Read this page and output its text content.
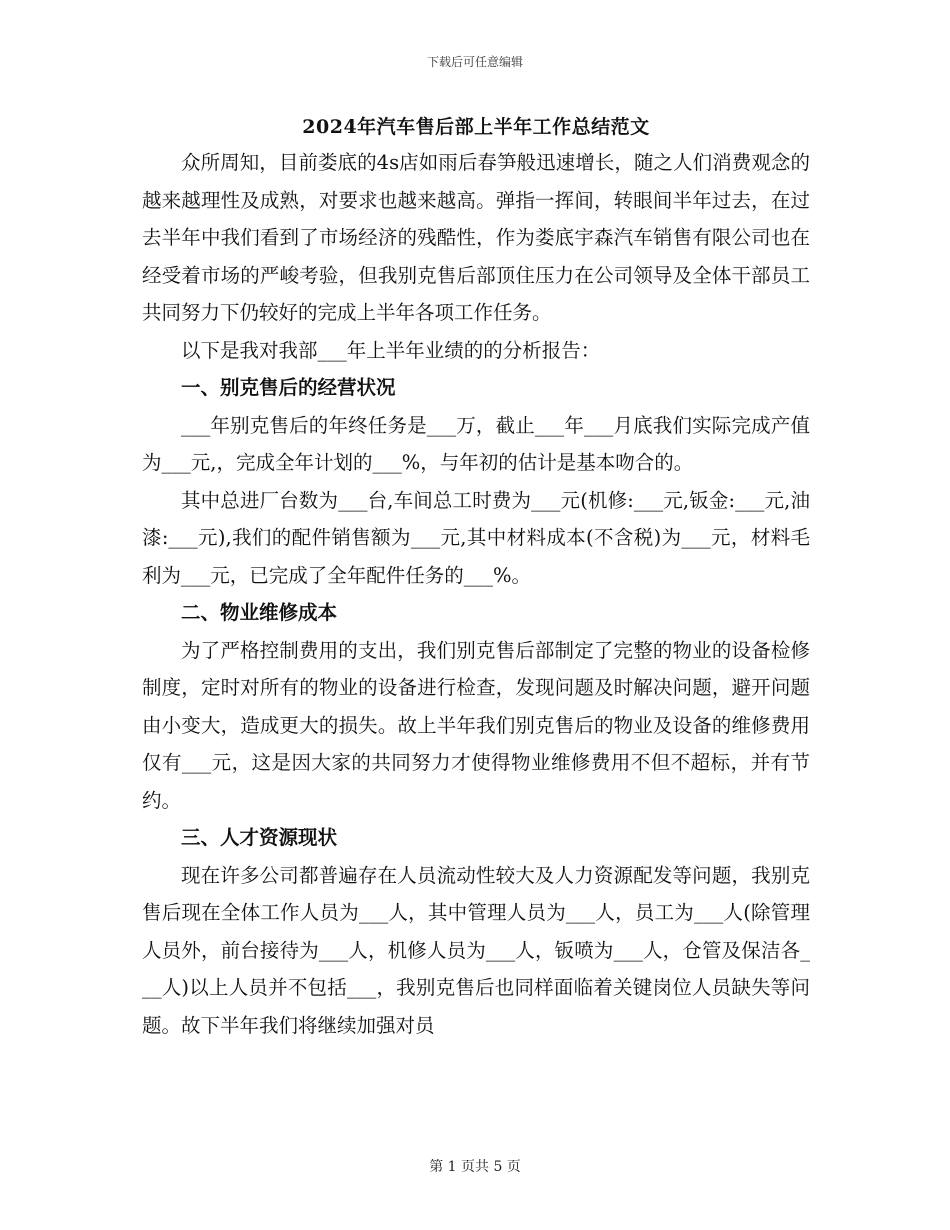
下载后可任意编辑
2024年汽车售后部上半年工作总结范文

众所周知，目前娄底的4s店如雨后春笋般迅速增长，随之人们消费观念的越来越理性及成熟，对要求也越来越高。弹指一挥间，转眼间半年过去，在过去半年中我们看到了市场经济的残酷性，作为娄底宇森汽车销售有限公司也在经受着市场的严峻考验，但我别克售后部顶住压力在公司领导及全体干部员工共同努力下仍较好的完成上半年各项工作任务。

以下是我对我部___年上半年业绩的的分析报告：

一、别克售后的经营状况

___年别克售后的年终任务是___万，截止___年___月底我们实际完成产值为___元,，完成全年计划的___%，与年初的估计是基本吻合的。

其中总进厂台数为___台,车间总工时费为___元(机修:___元,钣金:___元,油漆:___元),我们的配件销售额为___元,其中材料成本(不含税)为___元，材料毛利为___元，已完成了全年配件任务的___%。

二、物业维修成本

为了严格控制费用的支出，我们别克售后部制定了完整的物业的设备检修制度，定时对所有的物业的设备进行检查，发现问题及时解决问题，避开问题由小变大，造成更大的损失。故上半年我们别克售后的物业及设备的维修费用仅有___元，这是因大家的共同努力才使得物业维修费用不但不超标，并有节约。

三、人才资源现状

现在许多公司都普遍存在人员流动性较大及人力资源配发等问题，我别克售后现在全体工作人员为___人，其中管理人员为___人，员工为___人(除管理人员外，前台接待为___人，机修人员为___人，钣喷为___人，仓管及保洁各___人)以上人员并不包括___，我别克售后也同样面临着关键岗位人员缺失等问题。故下半年我们将继续加强对员

第 1 页共 5 页
